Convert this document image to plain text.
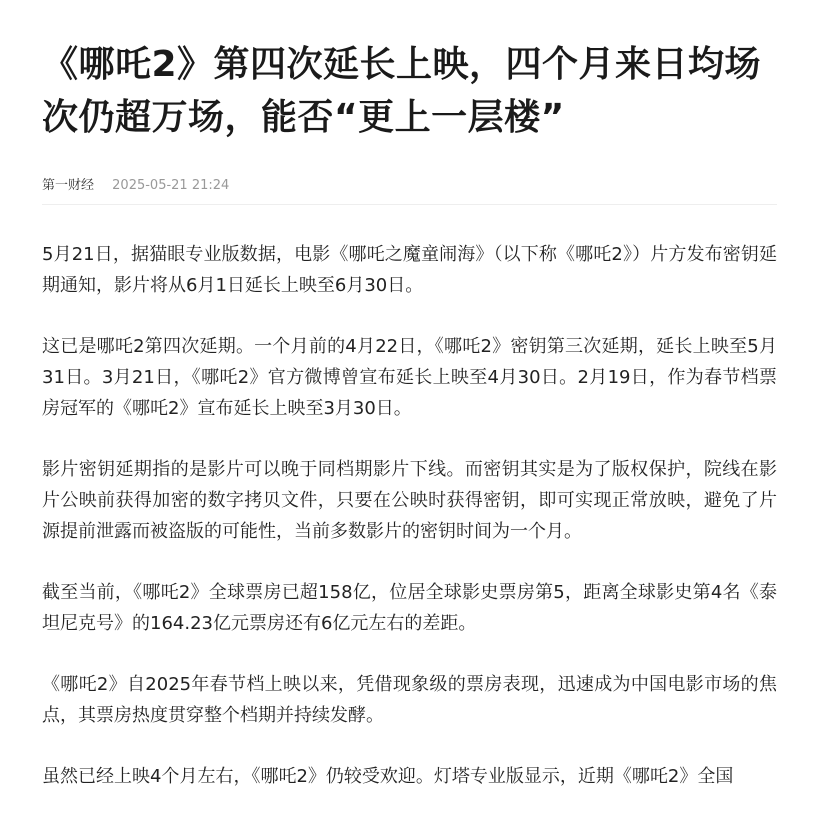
《哪吒2》第四次延长上映，四个月来日均场次仍超万场，能否“更上一层楼”
第一财经 2025-05-21 21:24

5月21日，据猫眼专业版数据，电影《哪吒之魔童闹海》（以下称《哪吒2》）片方发布密钥延期通知，影片将从6月1日延长上映至6月30日。

这已是哪吒2第四次延期。一个月前的4月22日，《哪吒2》密钥第三次延期，延长上映至5月31日。3月21日，《哪吒2》官方微博曾宣布延长上映至4月30日。2月19日，作为春节档票房冠军的《哪吒2》宣布延长上映至3月30日。

影片密钥延期指的是影片可以晚于同档期影片下线。而密钥其实是为了版权保护，院线在影片公映前获得加密的数字拷贝文件，只要在公映时获得密钥，即可实现正常放映，避免了片源提前泄露而被盗版的可能性，当前多数影片的密钥时间为一个月。

截至当前，《哪吒2》全球票房已超158亿，位居全球影史票房第5，距离全球影史第4名《泰坦尼克号》的164.23亿元票房还有6亿元左右的差距。

《哪吒2》自2025年春节档上映以来，凭借现象级的票房表现，迅速成为中国电影市场的焦点，其票房热度贯穿整个档期并持续发酵。

虽然已经上映4个月左右，《哪吒2》仍较受欢迎。灯塔专业版显示，近期《哪吒2》全国
